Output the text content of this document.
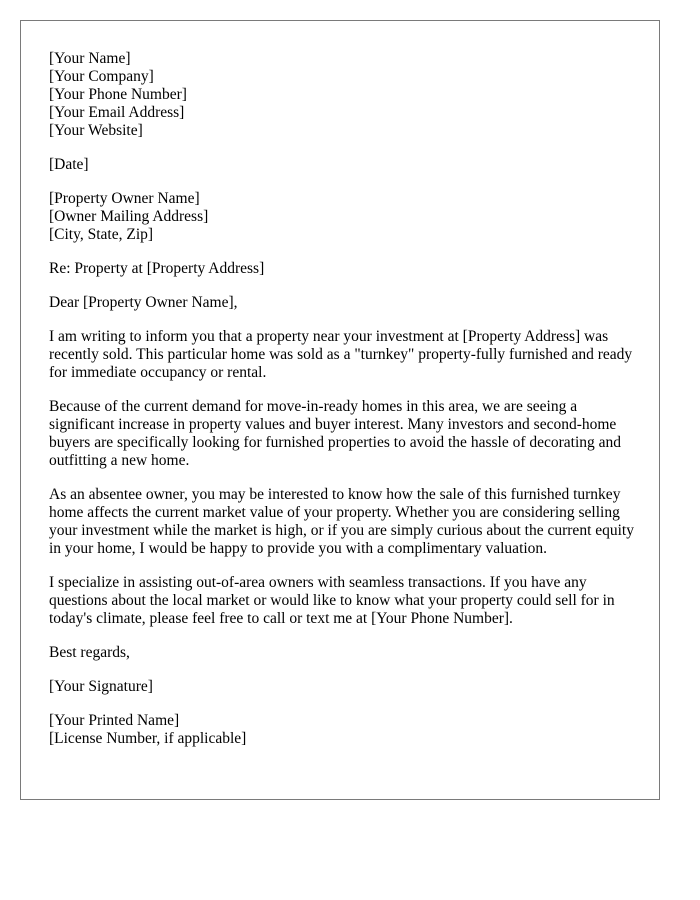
[Your Name]
[Your Company]
[Your Phone Number]
[Your Email Address]
[Your Website]
[Date]
[Property Owner Name]
[Owner Mailing Address]
[City, State, Zip]
Re: Property at [Property Address]
Dear [Property Owner Name],

I am writing to inform you that a property near your investment at [Property Address] was recently sold. This particular home was sold as a "turnkey" property-fully furnished and ready for immediate occupancy or rental.

Because of the current demand for move-in-ready homes in this area, we are seeing a significant increase in property values and buyer interest. Many investors and second-home buyers are specifically looking for furnished properties to avoid the hassle of decorating and outfitting a new home.

As an absentee owner, you may be interested to know how the sale of this furnished turnkey home affects the current market value of your property. Whether you are considering selling your investment while the market is high, or if you are simply curious about the current equity in your home, I would be happy to provide you with a complimentary valuation.

I specialize in assisting out-of-area owners with seamless transactions. If you have any questions about the local market or would like to know what your property could sell for in today's climate, please feel free to call or text me at [Your Phone Number].

Best regards,
[Your Signature]
[Your Printed Name]
[License Number, if applicable]
